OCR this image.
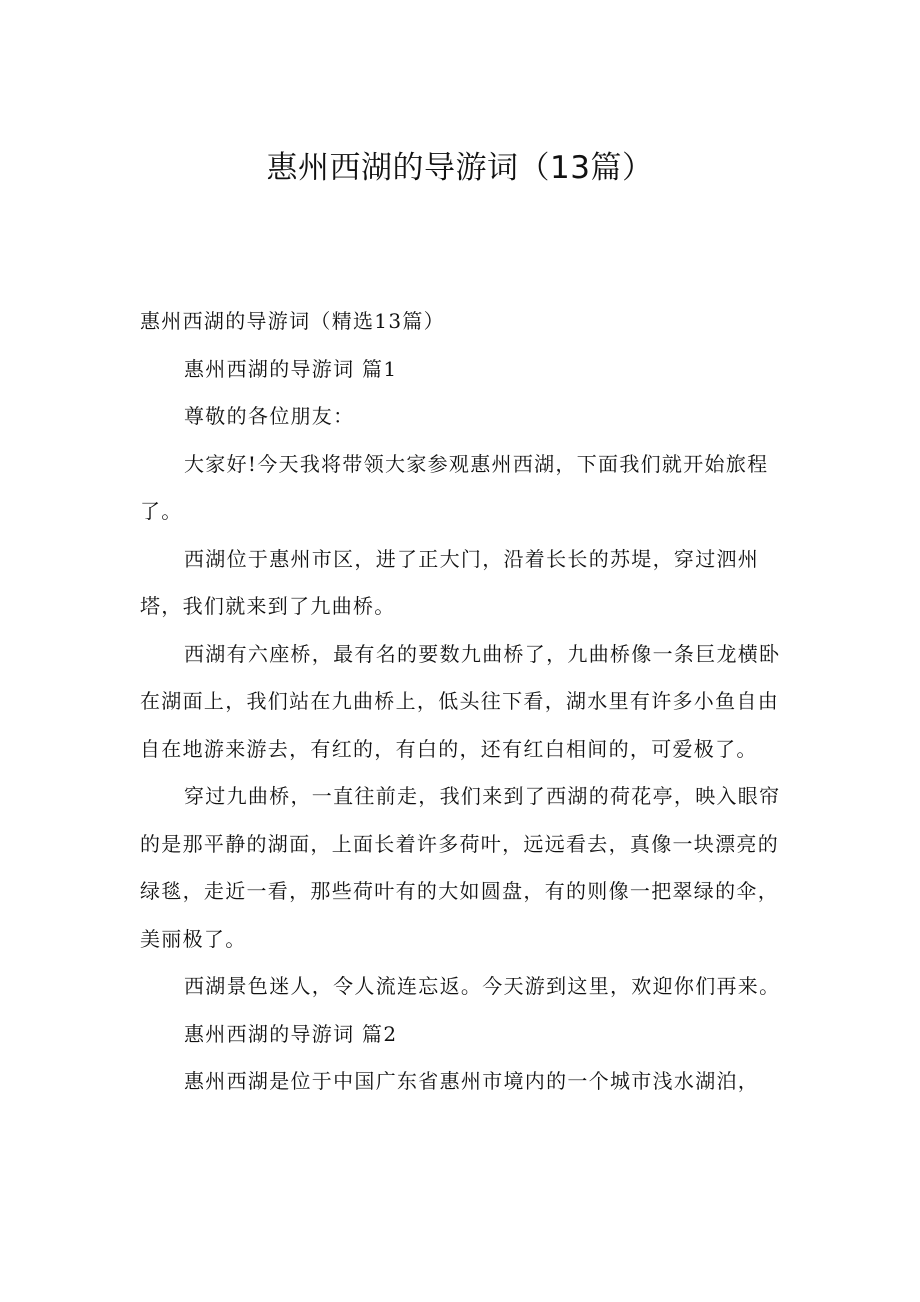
惠州西湖的导游词（13篇）

惠州西湖的导游词（精选13篇）

惠州西湖的导游词 篇1

尊敬的各位朋友：

大家好!今天我将带领大家参观惠州西湖，下面我们就开始旅程了。

西湖位于惠州市区，进了正大门，沿着长长的苏堤，穿过泗州塔，我们就来到了九曲桥。

西湖有六座桥，最有名的要数九曲桥了，九曲桥像一条巨龙横卧在湖面上，我们站在九曲桥上，低头往下看，湖水里有许多小鱼自由自在地游来游去，有红的，有白的，还有红白相间的，可爱极了。

穿过九曲桥，一直往前走，我们来到了西湖的荷花亭，映入眼帘的是那平静的湖面，上面长着许多荷叶，远远看去，真像一块漂亮的绿毯，走近一看，那些荷叶有的大如圆盘，有的则像一把翠绿的伞，美丽极了。

西湖景色迷人，令人流连忘返。今天游到这里，欢迎你们再来。

惠州西湖的导游词 篇2

惠州西湖是位于中国广东省惠州市境内的一个城市浅水湖泊，
